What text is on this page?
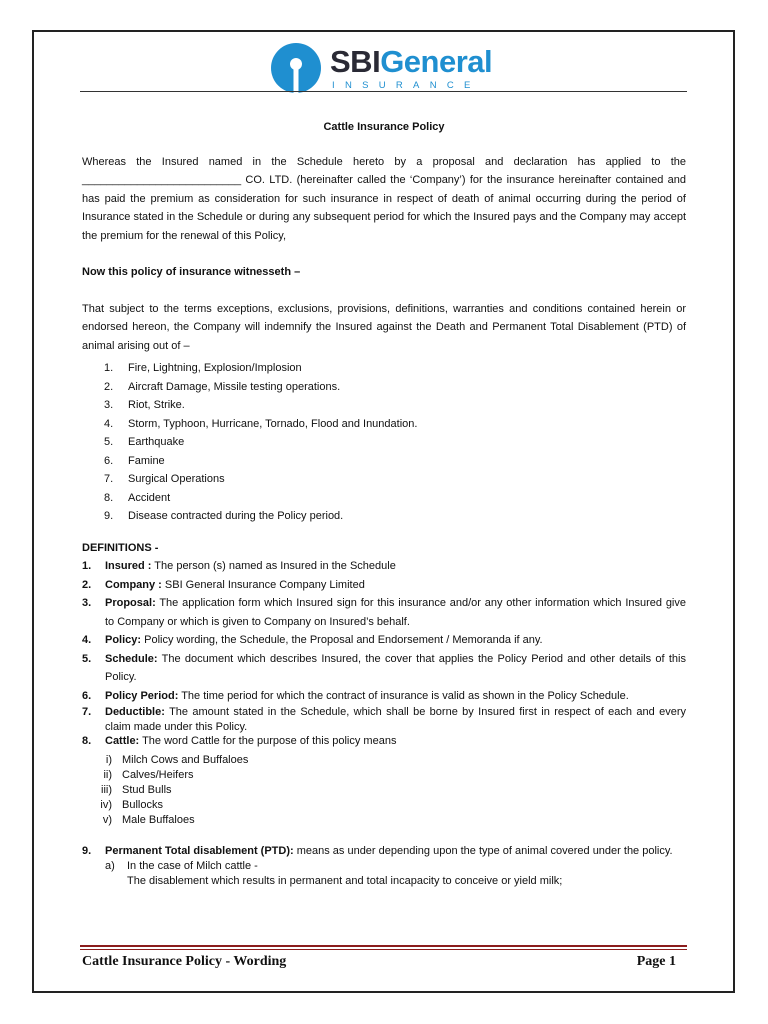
SBIGeneral
INSURANCE

Cattle Insurance Policy

Whereas the Insured named in the Schedule hereto by a proposal and declaration has applied to the __________________________ CO. LTD. (hereinafter called the ‘Company’) for the insurance hereinafter contained and has paid the premium as consideration for such insurance in respect of death of animal occurring during the period of Insurance stated in the Schedule or during any subsequent period for which the Insured pays and the Company may accept the premium for the renewal of this Policy,

Now this policy of insurance witnesseth –

That subject to the terms exceptions, exclusions, provisions, definitions, warranties and conditions contained herein or endorsed hereon, the Company will indemnify the Insured against the Death and Permanent Total Disablement (PTD) of animal arising out of –

1.	Fire, Lightning, Explosion/Implosion
2.	Aircraft Damage, Missile testing operations.
3.	Riot, Strike.
4.	Storm, Typhoon, Hurricane, Tornado, Flood and Inundation.
5.	Earthquake
6.	Famine
7.	Surgical Operations
8.	Accident
9.	Disease contracted during the Policy period.

DEFINITIONS -

1.	Insured : The person (s) named as Insured in the Schedule
2.	Company : SBI General Insurance Company Limited
3.	Proposal: The application form which Insured sign for this insurance and/or any other information which Insured give to Company or which is given to Company on Insured’s behalf.
4.	Policy: Policy wording, the Schedule, the Proposal and Endorsement / Memoranda if any.
5.	Schedule: The document which describes Insured, the cover that applies the Policy Period and other details of this Policy.
6.	Policy Period: The time period for which the contract of insurance is valid as shown in the Policy Schedule.
7.	Deductible: The amount stated in the Schedule, which shall be borne by Insured first in respect of each and every claim made under this Policy.
8.	Cattle: The word Cattle for the purpose of this policy means
i) Milch Cows and Buffaloes
ii) Calves/Heifers
iii) Stud Bulls
iv) Bullocks
v) Male Buffaloes
9.	Permanent Total disablement (PTD): means as under depending upon the type of animal covered under the policy.
a)	In the case of Milch cattle -
The disablement which results in permanent and total incapacity to conceive or yield milk;
Cattle Insurance Policy - Wording	Page 1
